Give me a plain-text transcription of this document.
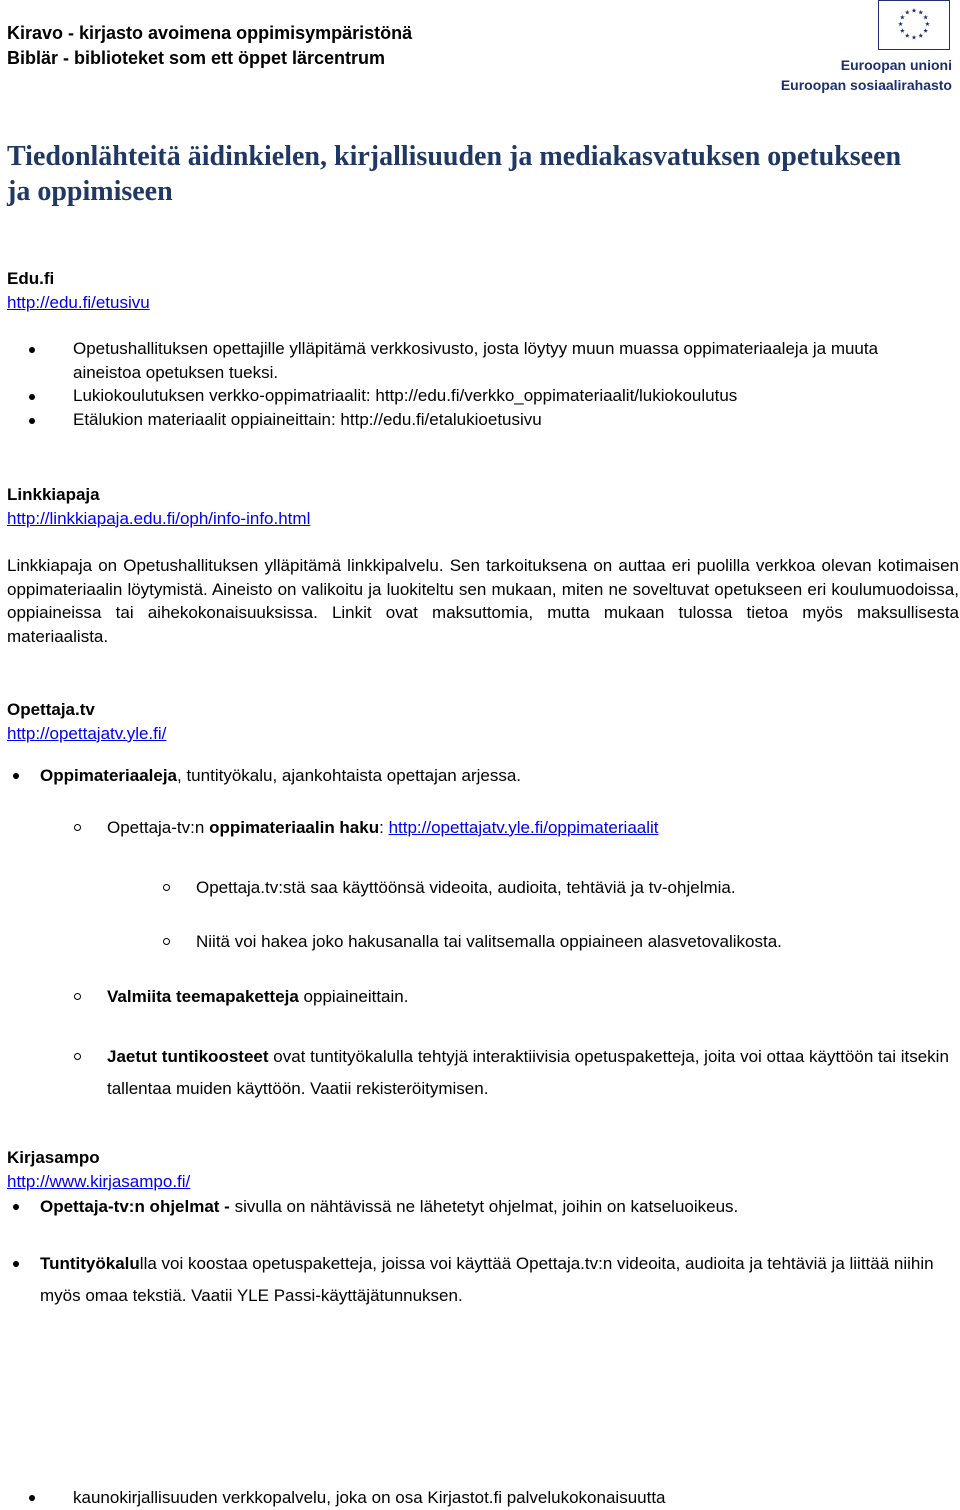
Kiravo - kirjasto avoimena oppimisympäristönä
Biblär - biblioteket som ett öppet lärcentrum	Euroopan unioni
Euroopan sosiaalirahasto
Tiedonlähteitä äidinkielen, kirjallisuuden ja mediakasvatuksen opetukseen ja oppimiseen
Edu.fi
http://edu.fi/etusivu
Opetushallituksen opettajille ylläpitämä verkkosivusto, josta löytyy muun muassa oppimateriaaleja ja muuta aineistoa opetuksen tueksi.
Lukiokoulutuksen verkko-oppimatriaalit: http://edu.fi/verkko_oppimateriaalit/lukiokoulutus
Etälukion materiaalit oppiaineittain: http://edu.fi/etalukioetusivu
Linkkiapaja
http://linkkiapaja.edu.fi/oph/info-info.html
Linkkiapaja on Opetushallituksen ylläpitämä linkkipalvelu. Sen tarkoituksena on auttaa eri puolilla verkkoa olevan kotimaisen oppimateriaalin löytymistä. Aineisto on valikoitu ja luokiteltu sen mukaan, miten ne soveltuvat opetukseen eri koulumuodoissa, oppiaineissa tai aihekokonaisuuksissa. Linkit ovat maksuttomia, mutta mukaan tulossa tietoa myös maksullisesta materiaalista.
Opettaja.tv
http://opettajatv.yle.fi/
Oppimateriaaleja, tuntityökalu, ajankohtaista opettajan arjessa.
Opettaja-tv:n oppimateriaalin haku: http://opettajatv.yle.fi/oppimateriaalit
Opettaja.tv:stä saa käyttöönsä videoita, audioita, tehtäviä ja tv-ohjelmia.
Niitä voi hakea joko hakusanalla tai valitsemalla oppiaineen alasvetovalikosta.
Valmiita teemapaketteja oppiaineittain.
Jaetut tuntikoosteet ovat tuntityökalulla tehtyjä interaktiivisia opetuspaketteja, joita voi ottaa käyttöön tai itsekin tallentaa muiden käyttöön. Vaatii rekisteröitymisen.
Opettaja-tv:n ohjelmat - sivulla on nähtävissä ne lähetetyt ohjelmat, joihin on katseluoikeus.
Tuntityökalulla voi koostaa opetuspaketteja, joissa voi käyttää Opettaja.tv:n videoita, audioita ja tehtäviä ja liittää niihin myös omaa tekstiä. Vaatii YLE Passi-käyttäjätunnuksen.
Kirjasampo
http://www.kirjasampo.fi/
kaunokirjallisuuden verkkopalvelu, joka on osa Kirjastot.fi palvelukokonaisuutta
